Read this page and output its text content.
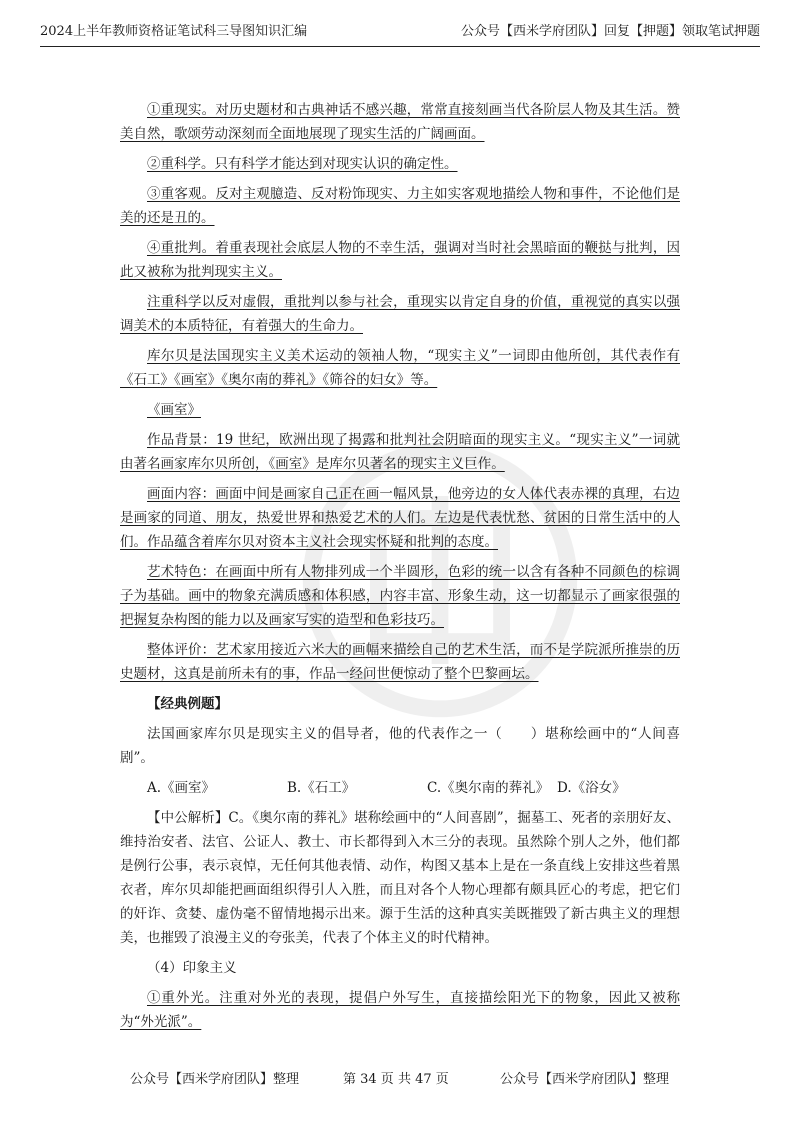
2024上半年教师资格证笔试科三导图知识汇编	公众号【西米学府团队】回复【押题】领取笔试押题

①重现实。对历史题材和古典神话不感兴趣，常常直接刻画当代各阶层人物及其生活。赞美自然，歌颂劳动深刻而全面地展现了现实生活的广阔画面。

②重科学。只有科学才能达到对现实认识的确定性。

③重客观。反对主观臆造、反对粉饰现实、力主如实客观地描绘人物和事件，不论他们是美的还是丑的。

④重批判。着重表现社会底层人物的不幸生活，强调对当时社会黑暗面的鞭挞与批判，因此又被称为批判现实主义。

注重科学以反对虚假，重批判以参与社会，重现实以肯定自身的价值，重视觉的真实以强调美术的本质特征，有着强大的生命力。

库尔贝是法国现实主义美术运动的领袖人物，“现实主义”一词即由他所创，其代表作有《石工》《画室》《奥尔南的葬礼》《筛谷的妇女》等。

《画室》

作品背景：19 世纪，欧洲出现了揭露和批判社会阴暗面的现实主义。“现实主义”一词就由著名画家库尔贝所创，《画室》是库尔贝著名的现实主义巨作。

画面内容：画面中间是画家自己正在画一幅风景，他旁边的女人体代表赤裸的真理，右边是画家的同道、朋友，热爱世界和热爱艺术的人们。左边是代表忧愁、贫困的日常生活中的人们。作品蕴含着库尔贝对资本主义社会现实怀疑和批判的态度。

艺术特色：在画面中所有人物排列成一个半圆形，色彩的统一以含有各种不同颜色的棕调子为基础。画中的物象充满质感和体积感，内容丰富、形象生动，这一切都显示了画家很强的把握复杂构图的能力以及画家写实的造型和色彩技巧。

整体评价：艺术家用接近六米大的画幅来描绘自己的艺术生活，而不是学院派所推崇的历史题材，这真是前所未有的事，作品一经问世便惊动了整个巴黎画坛。

【经典例题】

法国画家库尔贝是现实主义的倡导者，他的代表作之一（　　）堪称绘画中的“人间喜剧”。

A.《画室》	B.《石工》	C.《奥尔南的葬礼》 D.《浴女》

【中公解析】C。《奥尔南的葬礼》堪称绘画中的“人间喜剧”，掘墓工、死者的亲朋好友、维持治安者、法官、公证人、教士、市长都得到入木三分的表现。虽然除个别人之外，他们都是例行公事，表示哀悼，无任何其他表情、动作，构图又基本上是在一条直线上安排这些着黑衣者，库尔贝却能把画面组织得引人入胜，而且对各个人物心理都有颇具匠心的考虑，把它们的奸诈、贪婪、虚伪毫不留情地揭示出来。源于生活的这种真实美既摧毁了新古典主义的理想美，也摧毁了浪漫主义的夸张美，代表了个体主义的时代精神。

（4）印象主义

①重外光。注重对外光的表现，提倡户外写生，直接描绘阳光下的物象，因此又被称为“外光派”。

公众号【西米学府团队】整理	第 34 页 共 47 页	公众号【西米学府团队】整理
